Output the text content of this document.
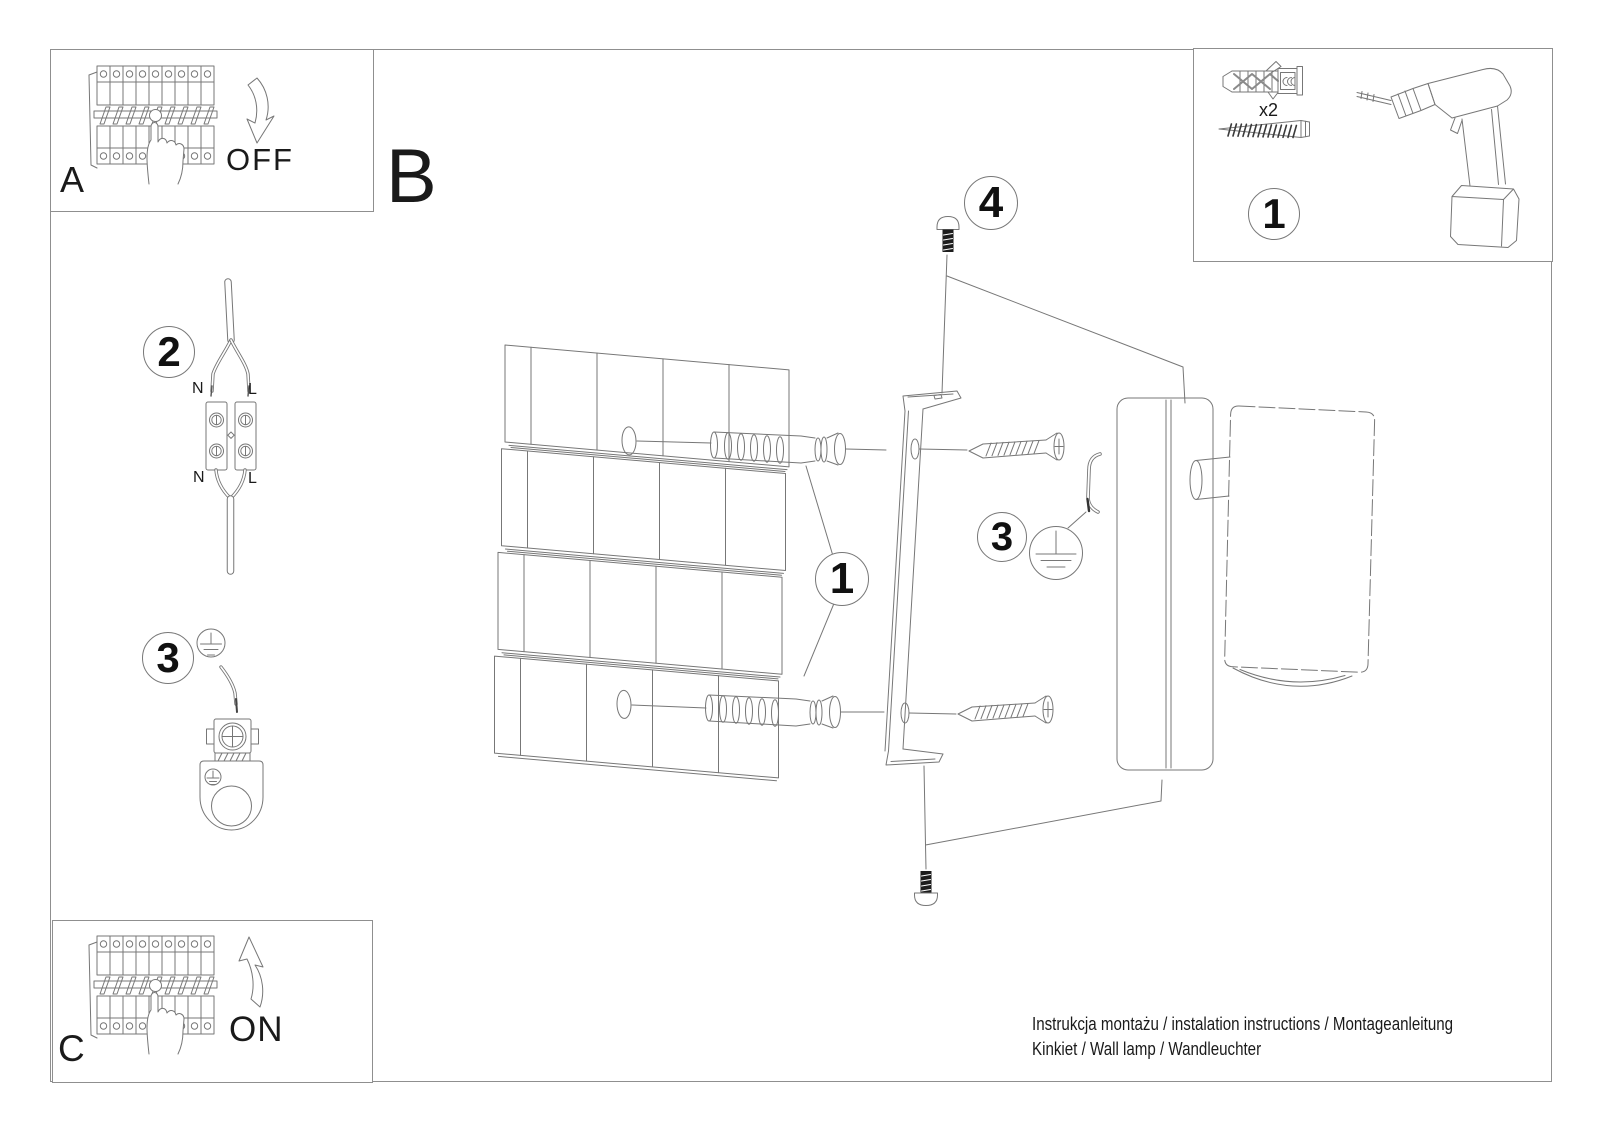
A	OFF B
C	ON
N	L
N	L
2
3
1
3
4	1
x2
Instrukcja montażu / instalation instructions / Montageanleitung
Kinkiet / Wall lamp / Wandleuchter
